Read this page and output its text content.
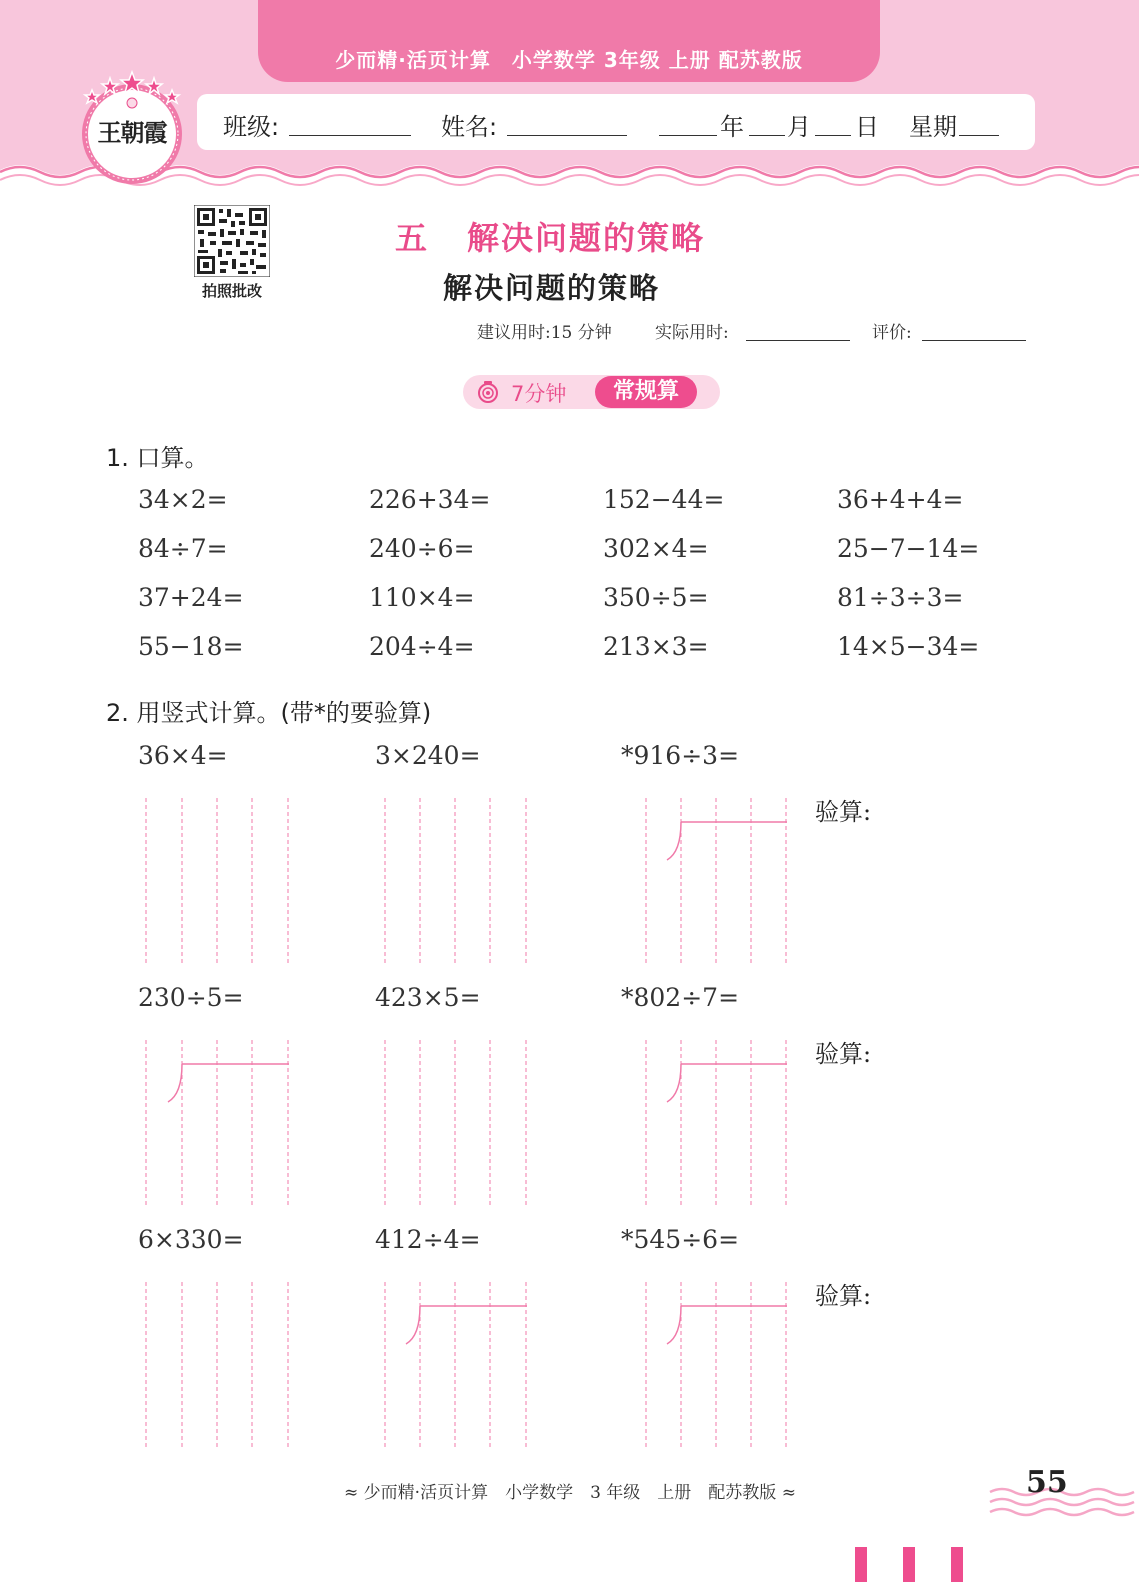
少而精·活页计算　小学数学 3年级 上册 配苏教版
班级:	姓名:	年 月 日 星期
王朝霞
拍照批改
五 解决问题的策略
解决问题的策略
建议用时:15 分钟	实际用时:	评价:
7分钟	常规算
1. 口算。
34×2=	226+34=	152−44=	36+4+4=
84÷7=	240÷6=	302×4=	25−7−14=
37+24=	110×4=	350÷5=	81÷3÷3=
55−18=	204÷4=	213×3=	14×5−34=
2. 用竖式计算。(带*的要验算)
36×4=	3×240=	*916÷3=
验算:
230÷5=	423×5=	*802÷7=
验算:
6×330=	412÷4=	*545÷6=
验算:
≈ 少而精·活页计算　小学数学　3 年级　上册　配苏教版 ≈	55
